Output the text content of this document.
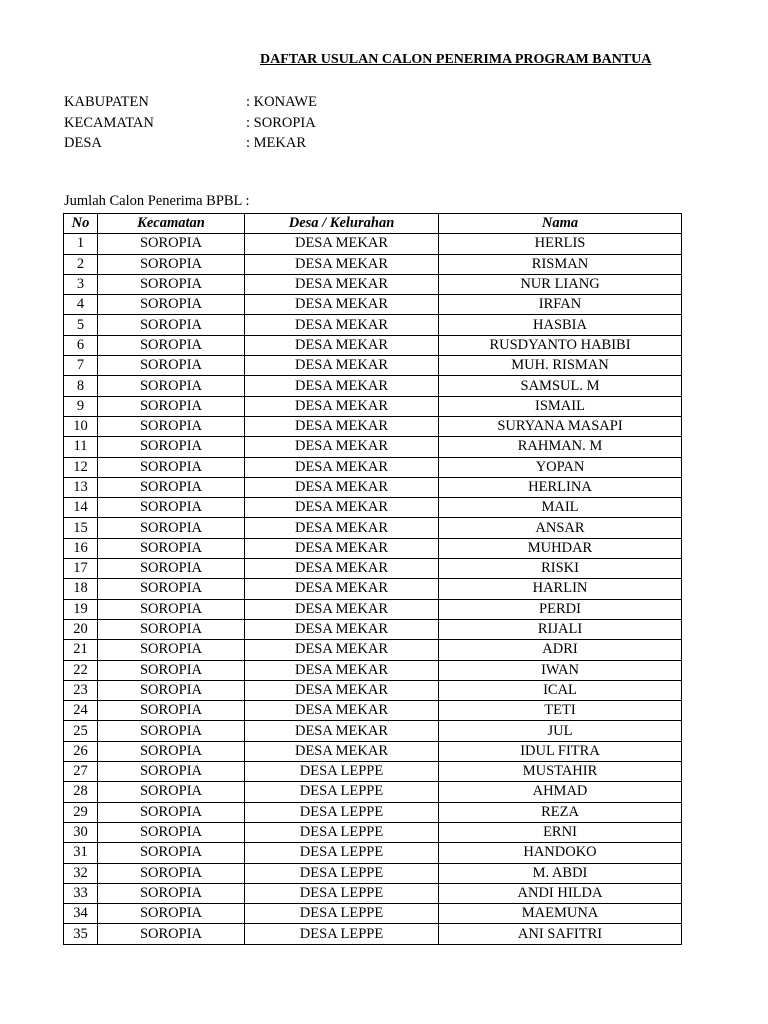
DAFTAR USULAN CALON PENERIMA PROGRAM BANTUA
KABUPATEN	: KONAWE
KECAMATAN	: SOROPIA
DESA	: MEKAR
Jumlah Calon Penerima BPBL :
No	Kecamatan	Desa / Kelurahan	Nama
1	SOROPIA	DESA MEKAR	HERLIS
2	SOROPIA	DESA MEKAR	RISMAN
3	SOROPIA	DESA MEKAR	NUR LIANG
4	SOROPIA	DESA MEKAR	IRFAN
5	SOROPIA	DESA MEKAR	HASBIA
6	SOROPIA	DESA MEKAR	RUSDYANTO HABIBI
7	SOROPIA	DESA MEKAR	MUH. RISMAN
8	SOROPIA	DESA MEKAR	SAMSUL. M
9	SOROPIA	DESA MEKAR	ISMAIL
10	SOROPIA	DESA MEKAR	SURYANA MASAPI
11	SOROPIA	DESA MEKAR	RAHMAN. M
12	SOROPIA	DESA MEKAR	YOPAN
13	SOROPIA	DESA MEKAR	HERLINA
14	SOROPIA	DESA MEKAR	MAIL
15	SOROPIA	DESA MEKAR	ANSAR
16	SOROPIA	DESA MEKAR	MUHDAR
17	SOROPIA	DESA MEKAR	RISKI
18	SOROPIA	DESA MEKAR	HARLIN
19	SOROPIA	DESA MEKAR	PERDI
20	SOROPIA	DESA MEKAR	RIJALI
21	SOROPIA	DESA MEKAR	ADRI
22	SOROPIA	DESA MEKAR	IWAN
23	SOROPIA	DESA MEKAR	ICAL
24	SOROPIA	DESA MEKAR	TETI
25	SOROPIA	DESA MEKAR	JUL
26	SOROPIA	DESA MEKAR	IDUL FITRA
27	SOROPIA	DESA LEPPE	MUSTAHIR
28	SOROPIA	DESA LEPPE	AHMAD
29	SOROPIA	DESA LEPPE	REZA
30	SOROPIA	DESA LEPPE	ERNI
31	SOROPIA	DESA LEPPE	HANDOKO
32	SOROPIA	DESA LEPPE	M. ABDI
33	SOROPIA	DESA LEPPE	ANDI HILDA
34	SOROPIA	DESA LEPPE	MAEMUNA
35	SOROPIA	DESA LEPPE	ANI SAFITRI
